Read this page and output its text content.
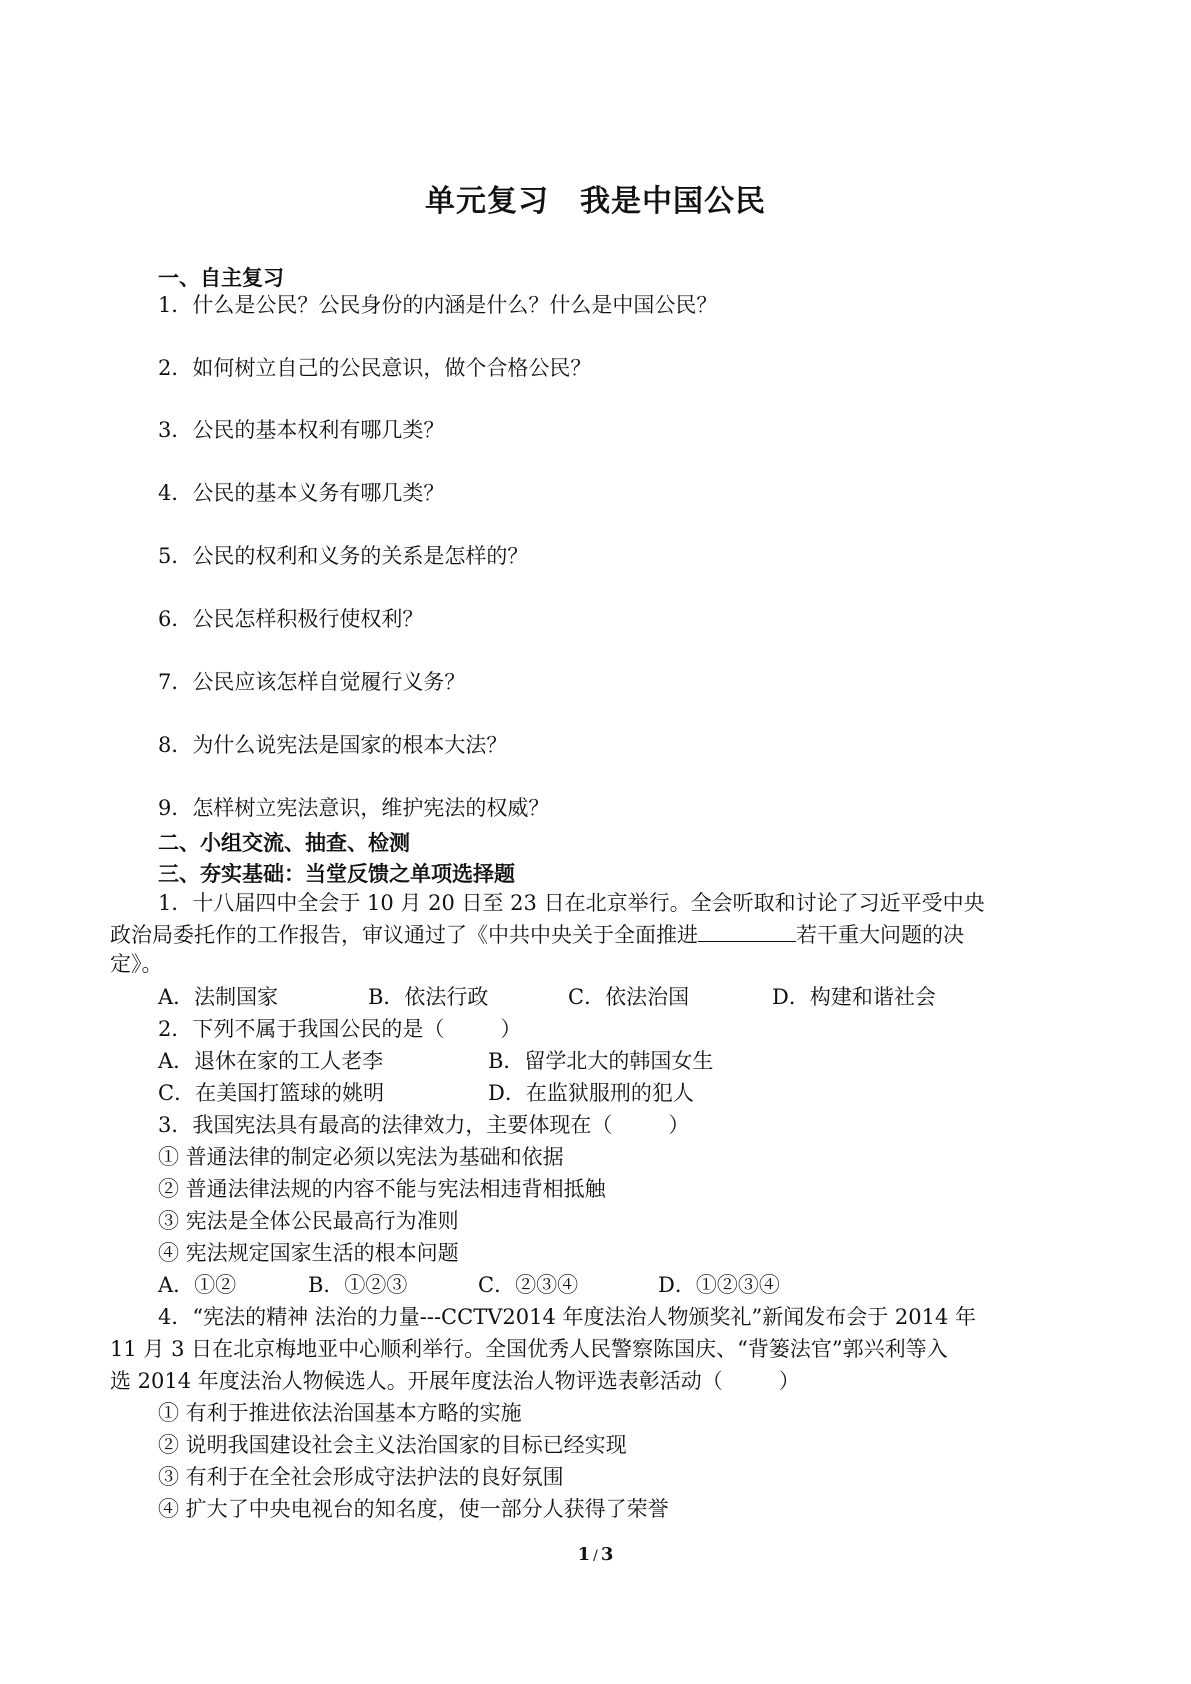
单元复习　我是中国公民
一、自主复习
1．什么是公民？公民身份的内涵是什么？什么是中国公民？
2．如何树立自己的公民意识，做个合格公民？
3．公民的基本权利有哪几类？
4．公民的基本义务有哪几类？
5．公民的权利和义务的关系是怎样的？
6．公民怎样积极行使权利？
7．公民应该怎样自觉履行义务？
8．为什么说宪法是国家的根本大法？
9．怎样树立宪法意识，维护宪法的权威？
二、小组交流、抽查、检测
三、夯实基础：当堂反馈之单项选择题
1．十八届四中全会于 10 月 20 日至 23 日在北京举行。全会听取和讨论了习近平受中央
政治局委托作的工作报告，审议通过了《中共中央关于全面推进	若干重大问题的决
定》。
A．法制国家	B．依法行政	C．依法治国	D．构建和谐社会
2．下列不属于我国公民的是（	）
A．退休在家的工人老李	B．留学北大的韩国女生
C．在美国打篮球的姚明	D．在监狱服刑的犯人
3．我国宪法具有最高的法律效力，主要体现在（	）
① 普通法律的制定必须以宪法为基础和依据
② 普通法律法规的内容不能与宪法相违背相抵触
③ 宪法是全体公民最高行为准则
④ 宪法规定国家生活的根本问题
A．①②	B．①②③	C．②③④	D．①②③④
4．“宪法的精神 法治的力量---CCTV2014 年度法治人物颁奖礼”新闻发布会于 2014 年
11 月 3 日在北京梅地亚中心顺利举行。全国优秀人民警察陈国庆、“背篓法官”郭兴利等入
选 2014 年度法治人物候选人。开展年度法治人物评选表彰活动（	）
① 有利于推进依法治国基本方略的实施
② 说明我国建设社会主义法治国家的目标已经实现
③ 有利于在全社会形成守法护法的良好氛围
④ 扩大了中央电视台的知名度，使一部分人获得了荣誉
1 / 3
